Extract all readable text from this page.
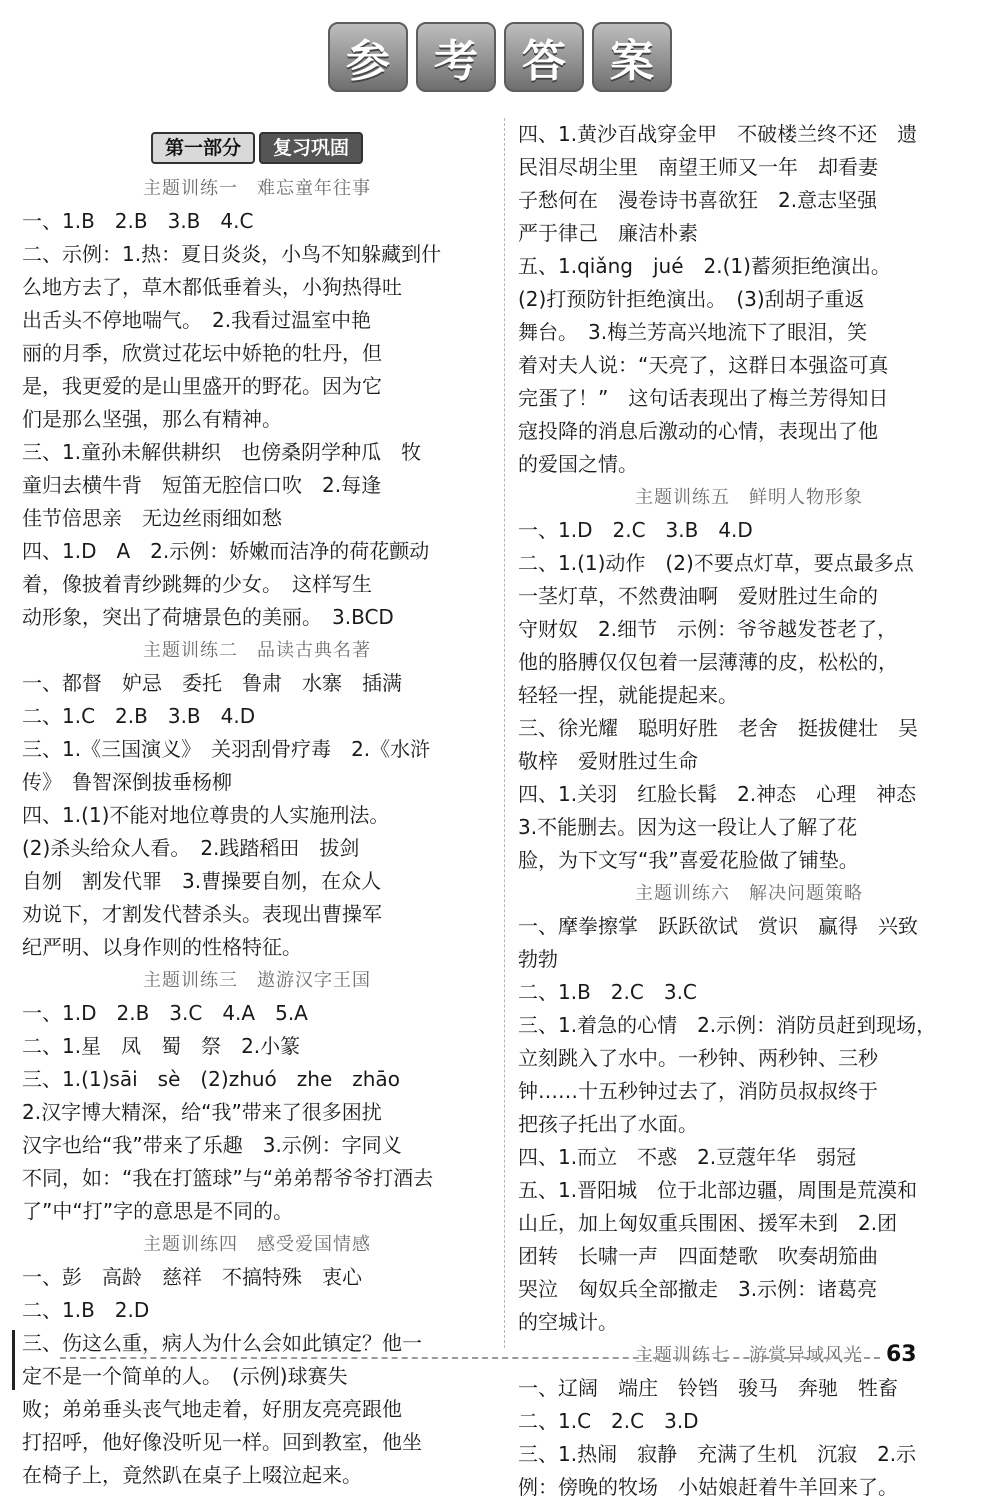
参	考	答	案
第一部分	复习巩固
主题训练一　难忘童年往事
一、1.B　2.B　3.B　4.C
二、示例：1.热：夏日炎炎，小鸟不知躲藏到什
么地方去了，草木都低垂着头，小狗热得吐
出舌头不停地喘气。　2.我看过温室中艳
丽的月季，欣赏过花坛中娇艳的牡丹，但
是，我更爱的是山里盛开的野花。因为它
们是那么坚强，那么有精神。
三、1.童孙未解供耕织　也傍桑阴学种瓜　牧
童归去横牛背　短笛无腔信口吹　2.每逢
佳节倍思亲　无边丝雨细如愁
四、1.D　A　2.示例：娇嫩而洁净的荷花颤动
着，像披着青纱跳舞的少女。　这样写生
动形象，突出了荷塘景色的美丽。　3.BCD
主题训练二　品读古典名著
一、都督　妒忌　委托　鲁肃　水寨　插满
二、1.C　2.B　3.B　4.D
三、1.《三国演义》　关羽刮骨疗毒　2.《水浒
传》　鲁智深倒拔垂杨柳
四、1.(1)不能对地位尊贵的人实施刑法。
(2)杀头给众人看。　2.践踏稻田　拔剑
自刎　割发代罪　3.曹操要自刎，在众人
劝说下，才割发代替杀头。表现出曹操军
纪严明、以身作则的性格特征。
主题训练三　遨游汉字王国
一、1.D　2.B　3.C　4.A　5.A
二、1.星　凤　蜀　祭　2.小篆
三、1.(1)sāi　sè　(2)zhuó　zhe　zhāo
2.汉字博大精深，给“我”带来了很多困扰
汉字也给“我”带来了乐趣　3.示例：字同义
不同，如：“我在打篮球”与“弟弟帮爷爷打酒去
了”中“打”字的意思是不同的。
主题训练四　感受爱国情感
一、彭　高龄　慈祥　不搞特殊　衷心
二、1.B　2.D
三、伤这么重，病人为什么会如此镇定？他一
定不是一个简单的人。　(示例)球赛失
败；弟弟垂头丧气地走着，好朋友亮亮跟他
打招呼，他好像没听见一样。回到教室，他坐
在椅子上，竟然趴在桌子上啜泣起来。
四、1.黄沙百战穿金甲　不破楼兰终不还　遗
民泪尽胡尘里　南望王师又一年　却看妻
子愁何在　漫卷诗书喜欲狂　2.意志坚强
严于律己　廉洁朴素
五、1.qiǎng　jué　2.(1)蓄须拒绝演出。
(2)打预防针拒绝演出。　(3)刮胡子重返
舞台。　3.梅兰芳高兴地流下了眼泪，笑
着对夫人说：“天亮了，这群日本强盗可真
完蛋了！”　这句话表现出了梅兰芳得知日
寇投降的消息后激动的心情，表现出了他
的爱国之情。
主题训练五　鲜明人物形象
一、1.D　2.C　3.B　4.D
二、1.(1)动作　(2)不要点灯草，要点最多点
一茎灯草，不然费油啊　爱财胜过生命的
守财奴　2.细节　示例：爷爷越发苍老了，
他的胳膊仅仅包着一层薄薄的皮，松松的，
轻轻一捏，就能提起来。
三、徐光耀　聪明好胜　老舍　挺拔健壮　吴
敬梓　爱财胜过生命
四、1.关羽　红脸长髯　2.神态　心理　神态
3.不能删去。因为这一段让人了解了花
脸，为下文写“我”喜爱花脸做了铺垫。
主题训练六　解决问题策略
一、摩拳擦掌　跃跃欲试　赏识　赢得　兴致
勃勃
二、1.B　2.C　3.C
三、1.着急的心情　2.示例：消防员赶到现场，
立刻跳入了水中。一秒钟、两秒钟、三秒
钟……十五秒钟过去了，消防员叔叔终于
把孩子托出了水面。
四、1.而立　不惑　2.豆蔻年华　弱冠
五、1.晋阳城　位于北部边疆，周围是荒漠和
山丘，加上匈奴重兵围困、援军未到　2.团
团转　长啸一声　四面楚歌　吹奏胡笳曲
哭泣　匈奴兵全部撤走　3.示例：诸葛亮
的空城计。
主题训练七　游赏异域风光
一、辽阔　端庄　铃铛　骏马　奔驰　牲畜
二、1.C　2.C　3.D
三、1.热闹　寂静　充满了生机　沉寂　2.示
例：傍晚的牧场　小姑娘赶着牛羊回来了。
63
